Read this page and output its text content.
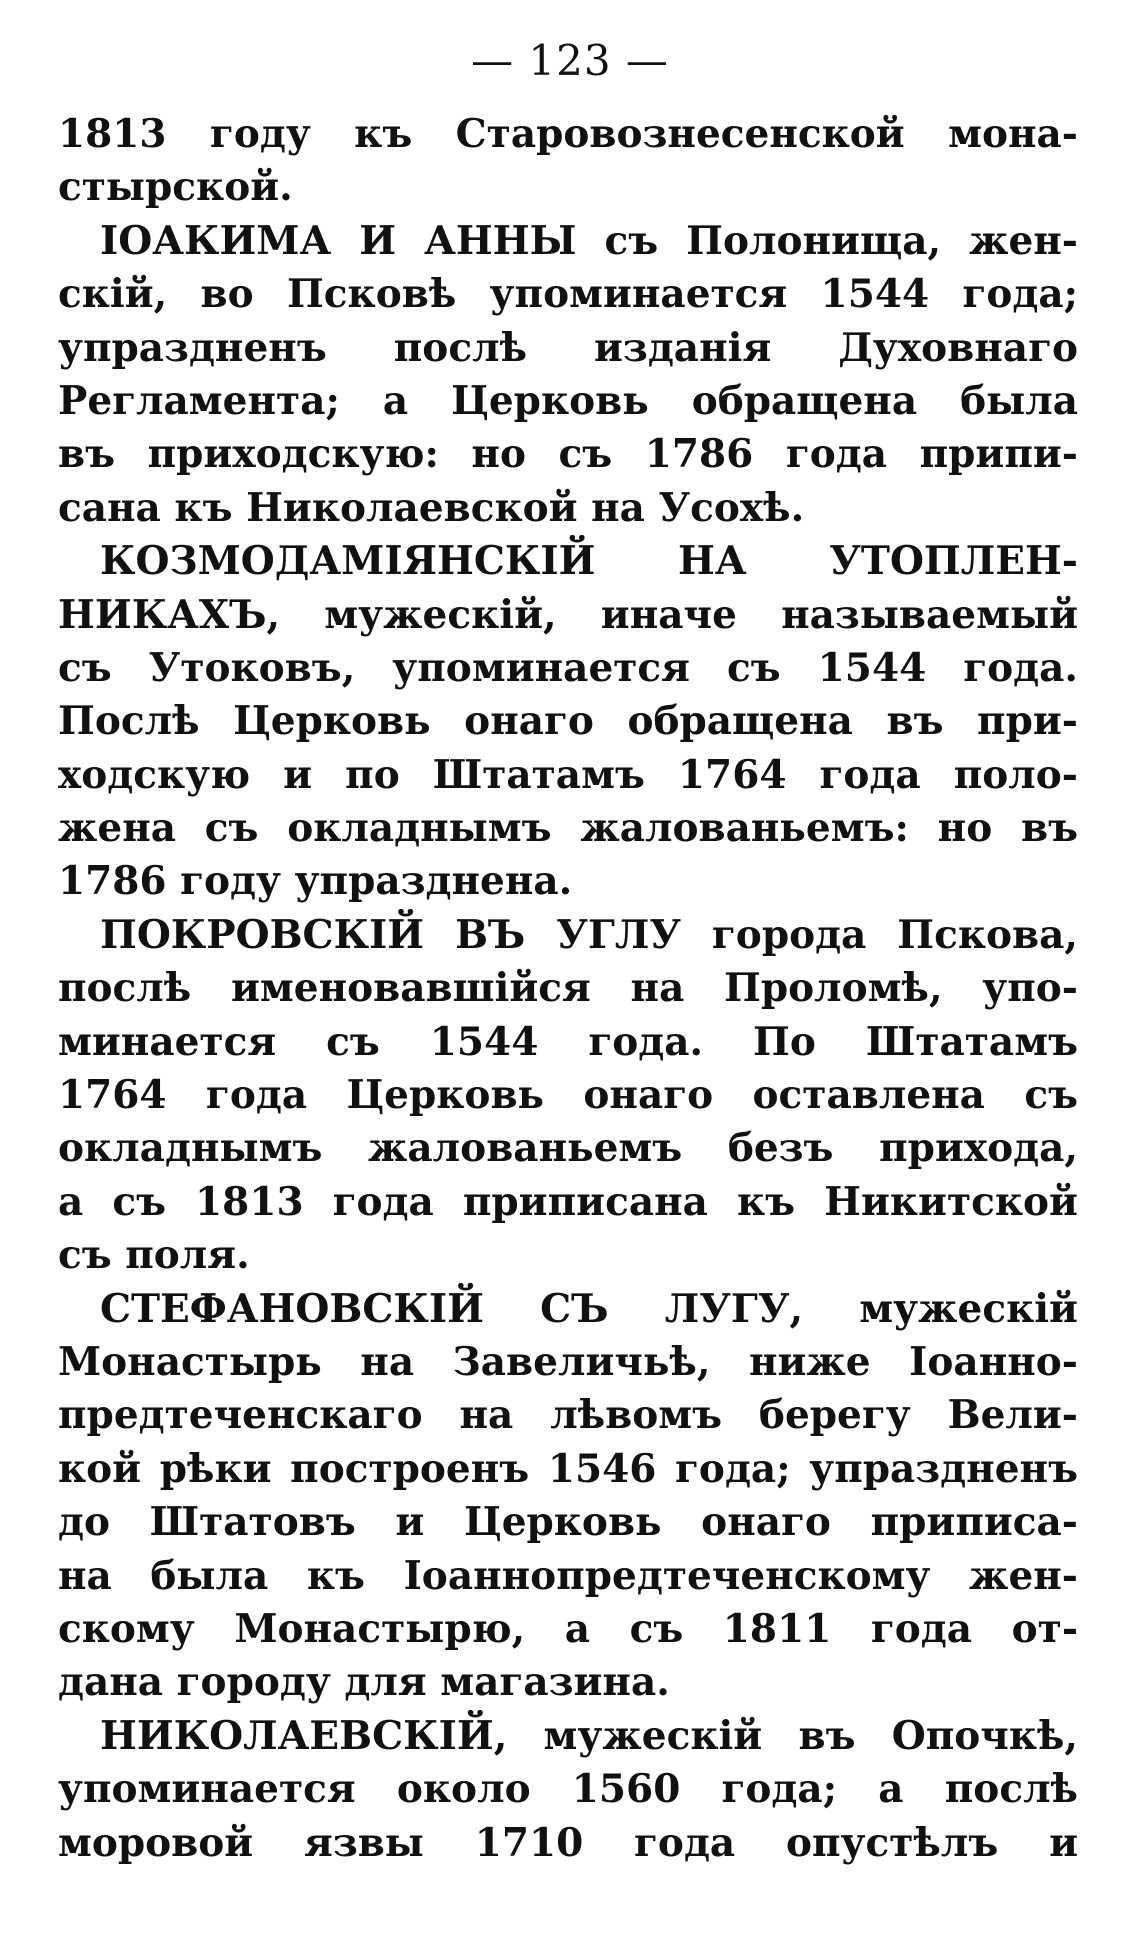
— 123 —
1813 году къ Старовознесенской мона-
стырской.
ІОАКИМА И АННЫ съ Полонища, жен-
скій, во Псковѣ упоминается 1544 года;
упраздненъ послѣ изданія Духовнаго
Регламента; а Церковь обращена была
въ приходскую: но съ 1786 года припи-
сана къ Николаевской на Усохѣ.
КОЗМОДАМІЯНСКІЙ НА УТОПЛЕН-
НИКАХЪ, мужескій, иначе называемый
съ Утоковъ, упоминается съ 1544 года.
Послѣ Церковь онаго обращена въ при-
ходскую и по Штатамъ 1764 года поло-
жена съ окладнымъ жалованьемъ: но въ
1786 году упразднена.
ПОКРОВСКІЙ ВЪ УГЛУ города Пскова,
послѣ именовавшійся на Проломѣ, упо-
минается съ 1544 года. По Штатамъ
1764 года Церковь онаго оставлена съ
окладнымъ жалованьемъ безъ прихода,
а съ 1813 года приписана къ Никитской
съ поля.
СТЕФАНОВСКІЙ СЪ ЛУГУ, мужескій
Монастырь на Завеличьѣ, ниже Іоанно-
предтеченскаго на лѣвомъ берегу Вели-
кой рѣки построенъ 1546 года; упраздненъ
до Штатовъ и Церковь онаго приписа-
на была къ Іоаннопредтеченскому жен-
скому Монастырю, а съ 1811 года от-
дана городу для магазина.
НИКОЛАЕВСКІЙ, мужескій въ Опочкѣ,
упоминается около 1560 года; а послѣ
моровой язвы 1710 года опустѣлъ и
